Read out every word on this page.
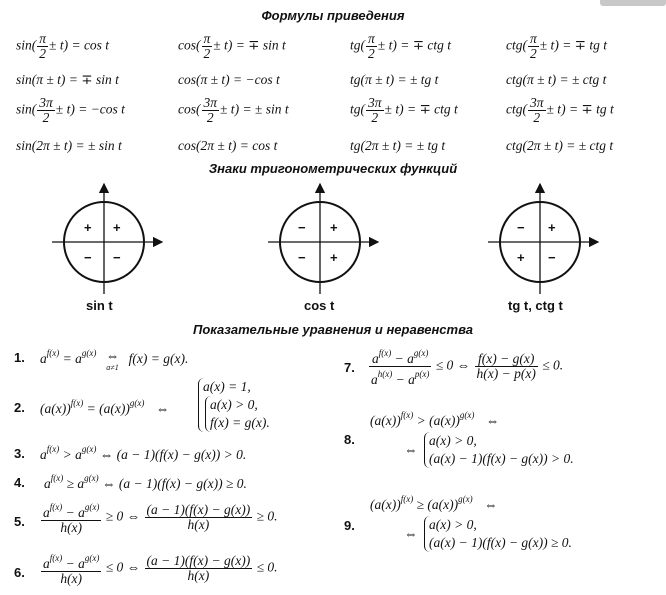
Формулы приведения
$\sin( \frac{\pi}{2} \pm t) = \cos t$	$\cos( \frac{\pi}{2} \pm t)$ = ∓ sin t	$tg( \frac{\pi}{2} \pm t)$ = ∓ ctg t	$ctg( \frac{\pi}{2} \pm t)$ = ∓ tg t
sin(π ± t) = ∓ sin t	cos(π ± t) = −cos t	tg(π ± t) = ± tg t	ctg(π ± t) = ± ctg t
$\sin( \frac{3\pi}{2} \pm t) = -\cos$ t	$\cos( \frac{3\pi}{2} \pm t)$ = ± sin t	$tg( \frac{3\pi}{2} \pm t)$ = ∓ ctg t	$ctg( \frac{3\pi}{2} \pm t)$ = ∓ tg t
sin(2π ± t) = ± sin t	cos(2π ± t) = cos t	tg(2π ± t) = ± tg t	ctg(2π ± t) = ± ctg t
Знаки тригонометрических функций
+
+
− −
+
−
− +
+
−
+ −
sin t	cos t	tg t, ctg t
Показательные уравнения и неравенства
1. $a^{f(x)} = a^{g(x)}$ ⇔
a≠1
f(x) = g(x).
2. $(a(x))^{f(x)} = (a(x))^{g(x)}$ ⇔
a(x) = 1,
a(x) > 0,
f(x) = g(x).
3. $a^{f(x)} > a^{g(x)}$ ⇔ (a − 1)(f(x) − g(x)) > 0.
4. $a^{f(x)} \ge a^{g(x)}$ ⇔ (a − 1)(f(x) − g(x)) ≥ 0.
5. $\frac{a^{f(x)} - a^{g(x)}}{h(x)} \ge 0$ ⇔ $\frac{(a - 1)(f(x) - g(x))}{h(x)} \ge 0$.
6. $\frac{a^{f(x)} - a^{g(x)}}{h(x)} \le 0$ ⇔ $\frac{(a - 1)(f(x) - g(x))}{h(x)} \le 0$.
7. $\frac{a^{f(x)} - a^{g(x)}}{a^{h(x)} - a^{p(x)}} \le 0$ ⇔ $\frac{f(x) - g(x)}{h(x) - p(x)} \le 0$.
8.
$(a(x))^{f(x)} > (a(x))^{g(x)}$ ⇔
⇔
a(x) > 0,
(a(x) − 1)(f(x) − g(x)) > 0.
9.
$(a(x))^{f(x)} \ge (a(x))^{g(x)}$ ⇔
⇔
a(x) > 0,
(a(x) − 1)(f(x) − g(x)) ≥ 0.
